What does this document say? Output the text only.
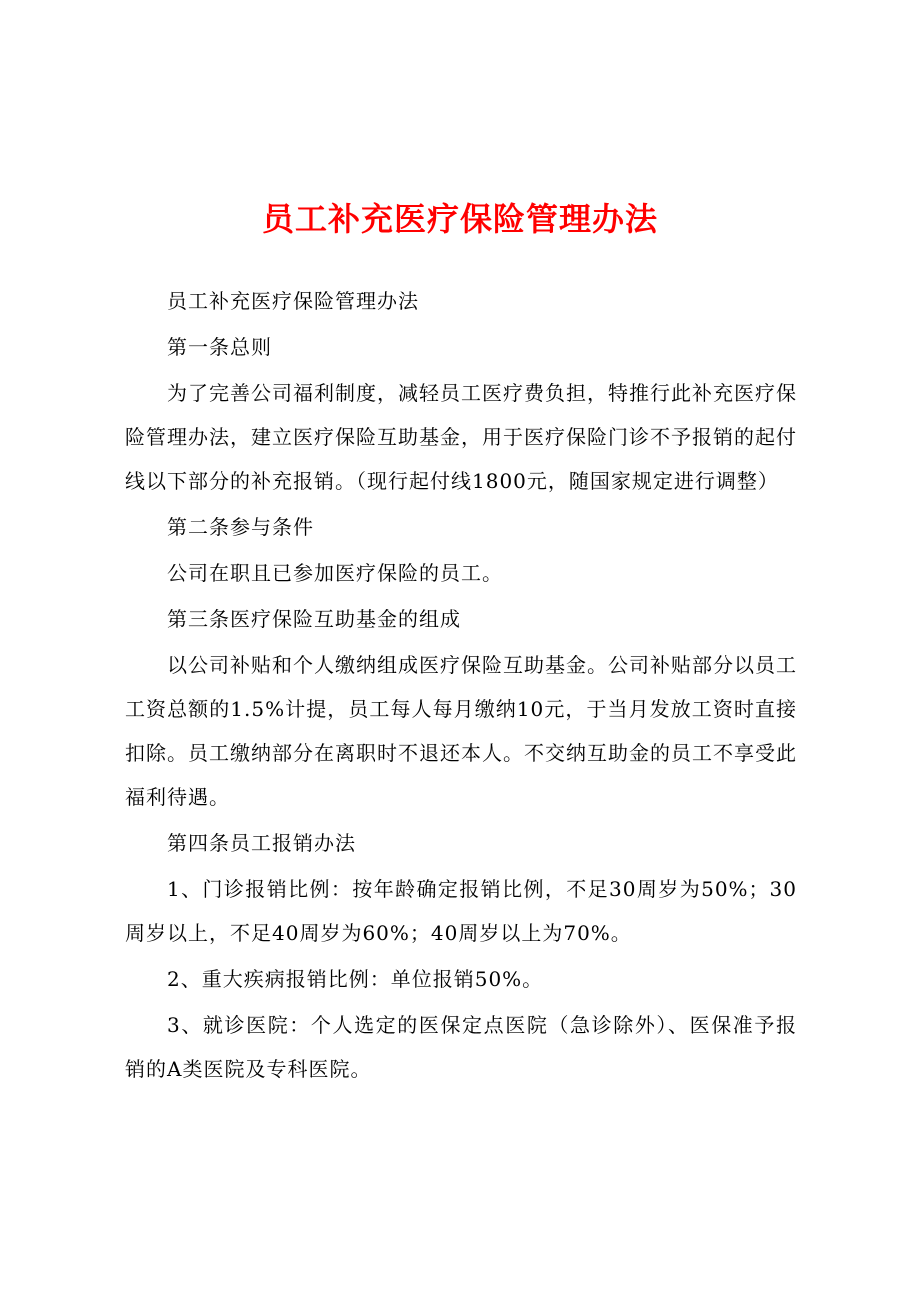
员工补充医疗保险管理办法

员工补充医疗保险管理办法

第一条总则

为了完善公司福利制度，减轻员工医疗费负担，特推行此补充医疗保险管理办法，建立医疗保险互助基金，用于医疗保险门诊不予报销的起付线以下部分的补充报销。（现行起付线1800元，随国家规定进行调整）

第二条参与条件

公司在职且已参加医疗保险的员工。

第三条医疗保险互助基金的组成

以公司补贴和个人缴纳组成医疗保险互助基金。公司补贴部分以员工工资总额的1.5%计提，员工每人每月缴纳10元，于当月发放工资时直接扣除。员工缴纳部分在离职时不退还本人。不交纳互助金的员工不享受此福利待遇。

第四条员工报销办法

1、门诊报销比例：按年龄确定报销比例，不足30周岁为50%；30周岁以上，不足40周岁为60%；40周岁以上为70%。

2、重大疾病报销比例：单位报销50%。

3、就诊医院：个人选定的医保定点医院（急诊除外）、医保准予报销的A类医院及专科医院。
